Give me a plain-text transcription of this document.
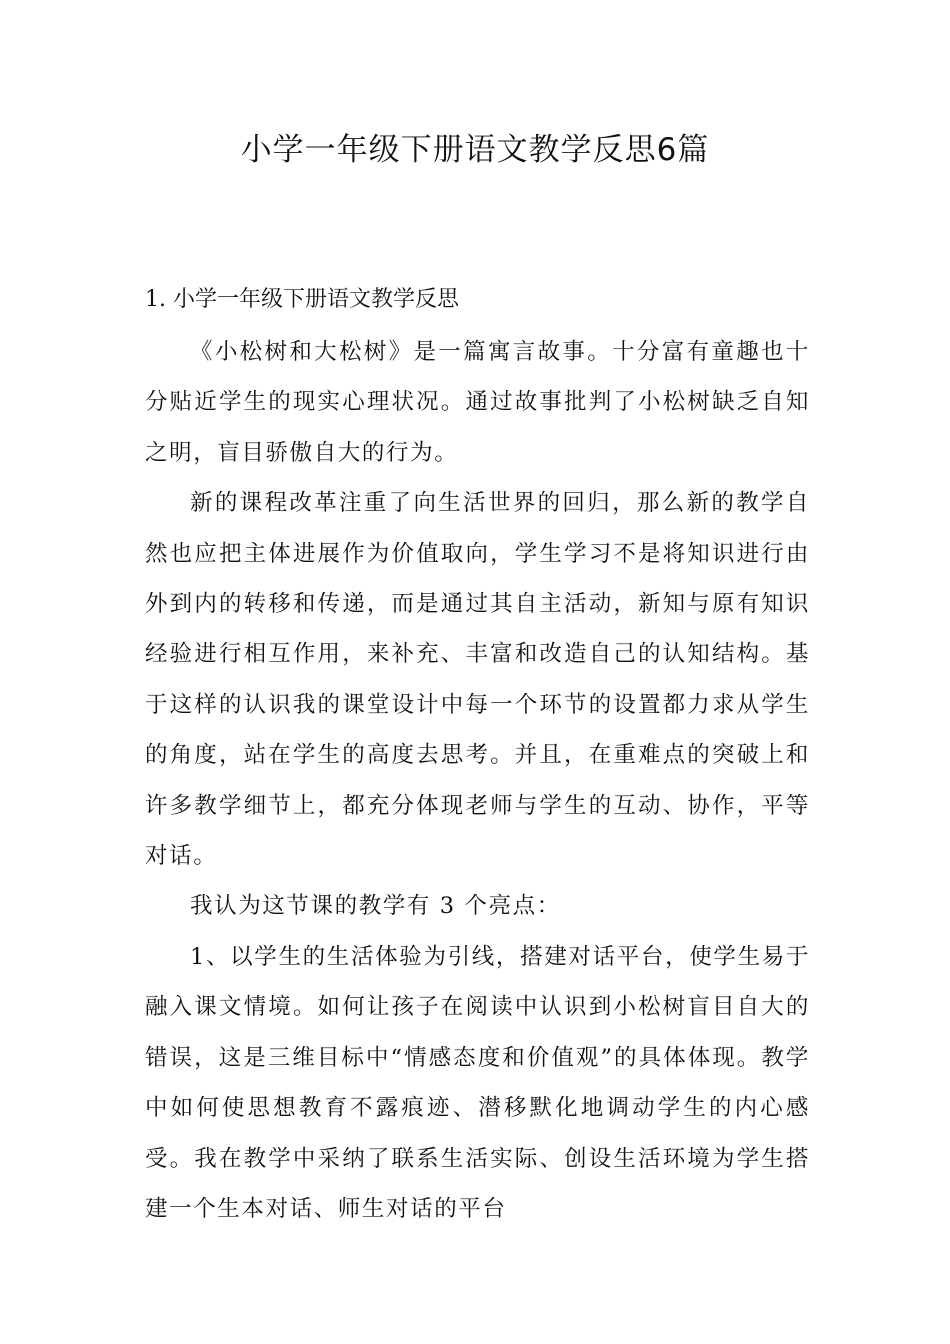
小学一年级下册语文教学反思6篇
1. 小学一年级下册语文教学反思

《小松树和大松树》是一篇寓言故事。十分富有童趣也十分贴近学生的现实心理状况。通过故事批判了小松树缺乏自知之明，盲目骄傲自大的行为。

新的课程改革注重了向生活世界的回归，那么新的教学自然也应把主体进展作为价值取向，学生学习不是将知识进行由外到内的转移和传递，而是通过其自主活动，新知与原有知识经验进行相互作用，来补充、丰富和改造自己的认知结构。基于这样的认识我的课堂设计中每一个环节的设置都力求从学生的角度，站在学生的高度去思考。并且，在重难点的突破上和许多教学细节上，都充分体现老师与学生的互动、协作，平等对话。

我认为这节课的教学有 3 个亮点：

1、以学生的生活体验为引线，搭建对话平台，使学生易于融入课文情境。如何让孩子在阅读中认识到小松树盲目自大的错误，这是三维目标中“情感态度和价值观”的具体体现。教学中如何使思想教育不露痕迹、潜移默化地调动学生的内心感受。我在教学中采纳了联系生活实际、创设生活环境为学生搭建一个生本对话、师生对话的平台
